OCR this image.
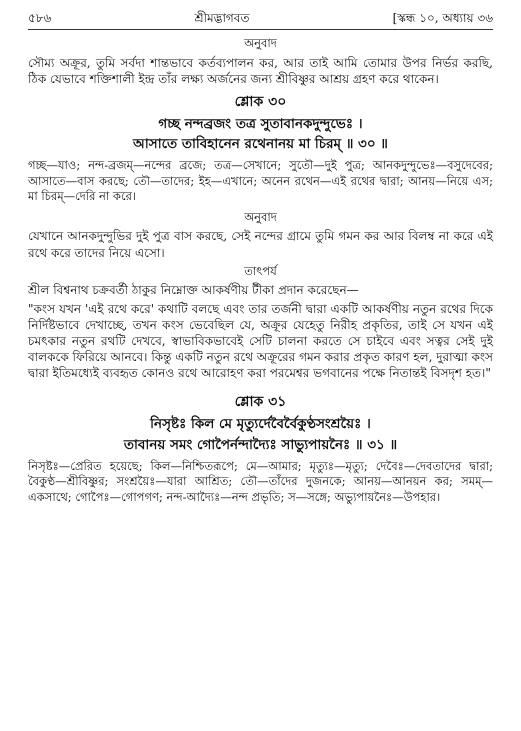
৫৮৬	শ্রীমদ্ভাগবত	[স্কন্ধ ১০, অধ্যায় ৩৬
অনুবাদ
সৌম্য অক্রূর, তুমি সর্বদা শান্তভাবে কর্তব্যপালন কর, আর তাই আমি তোমার উপর নির্ভর করছি, ঠিক যেভাবে শক্তিশালী ইন্দ্র তাঁর লক্ষ্য অর্জনের জন্য শ্রীবিষ্ণুর আশ্রয় গ্রহণ করে থাকেন।
শ্লোক ৩০
গচ্ছ নন্দব্রজং তত্র সুতাবানকদুন্দুভেঃ ।
আসাতে তাবিহানেন রথেনানয় মা চিরম্‌ ॥ ৩০ ॥
গচ্ছ—যাও; নন্দ-ব্রজম্‌—নন্দের ব্রজে; তত্র—সেখানে; সুতৌ—দুই পুত্র; আনকদুন্দুভেঃ—বসুদেবের; আসাতে—বাস করছে; তৌ—তাদের; ইহ—এখানে; অনেন রথেন—এই রথের দ্বারা; আনয়—নিয়ে এস; মা চিরম্‌—দেরি না করে।
অনুবাদ
যেখানে আনকদুন্দুভির দুই পুত্র বাস করছে, সেই নন্দের গ্রামে তুমি গমন কর আর বিলম্ব না করে এই রথে করে তাদের নিয়ে এসো।
তাৎপর্য
শ্রীল বিশ্বনাথ চক্রবর্তী ঠাকুর নিম্নোক্ত আকর্ষণীয় টীকা প্রদান করেছেন—
"কংস যখন 'এই রথে করে' কথাটি বলছে এবং তার তর্জনী দ্বারা একটি আকর্ষণীয় নতুন রথের দিকে নির্দিষ্টভাবে দেখাচ্ছে, তখন কংস ভেবেছিল যে, অক্রূর যেহেতু নিরীহ প্রকৃতির, তাই সে যখন এই চমৎকার নতুন রথটি দেখবে, স্বাভাবিকভাবেই সেটি চালনা করতে সে চাইবে এবং সত্বর সেই দুই বালককে ফিরিয়ে আনবে। কিন্তু একটি নতুন রথে অক্রূরের গমন করার প্রকৃত কারণ হল, দুরাত্মা কংস দ্বারা ইতিমধ্যেই ব্যবহৃত কোনও রথে আরোহণ করা পরমেশ্বর ভগবানের পক্ষে নিতান্তই বিসদৃশ হত।"
শ্লোক ৩১
নিসৃষ্টঃ কিল মে মৃত্যুর্দেবৈর্বৈকুণ্ঠসংশ্রয়ৈঃ ।
তাবানয় সমং গোপৈর্নন্দাদ্যৈঃ সাভ্যুপায়নৈঃ ॥ ৩১ ॥
নিসৃষ্টঃ—প্রেরিত হয়েছে; কিল—নিশ্চিতরূপে; মে—আমার; মৃত্যুঃ—মৃত্যু; দেবৈঃ—দেবতাদের দ্বারা; বৈকুণ্ঠ—শ্রীবিষ্ণুর; সংশ্রয়ৈঃ—যারা আশ্রিত; তৌ—তাঁদের দুজনকে; আনয়—আনয়ন কর; সমম্‌—একসাথে; গোপৈঃ—গোপগণ; নন্দ-আদ্যৈঃ—নন্দ প্রভৃতি; স—সঙ্গে; অভ্যুপায়নৈঃ—উপহার।
